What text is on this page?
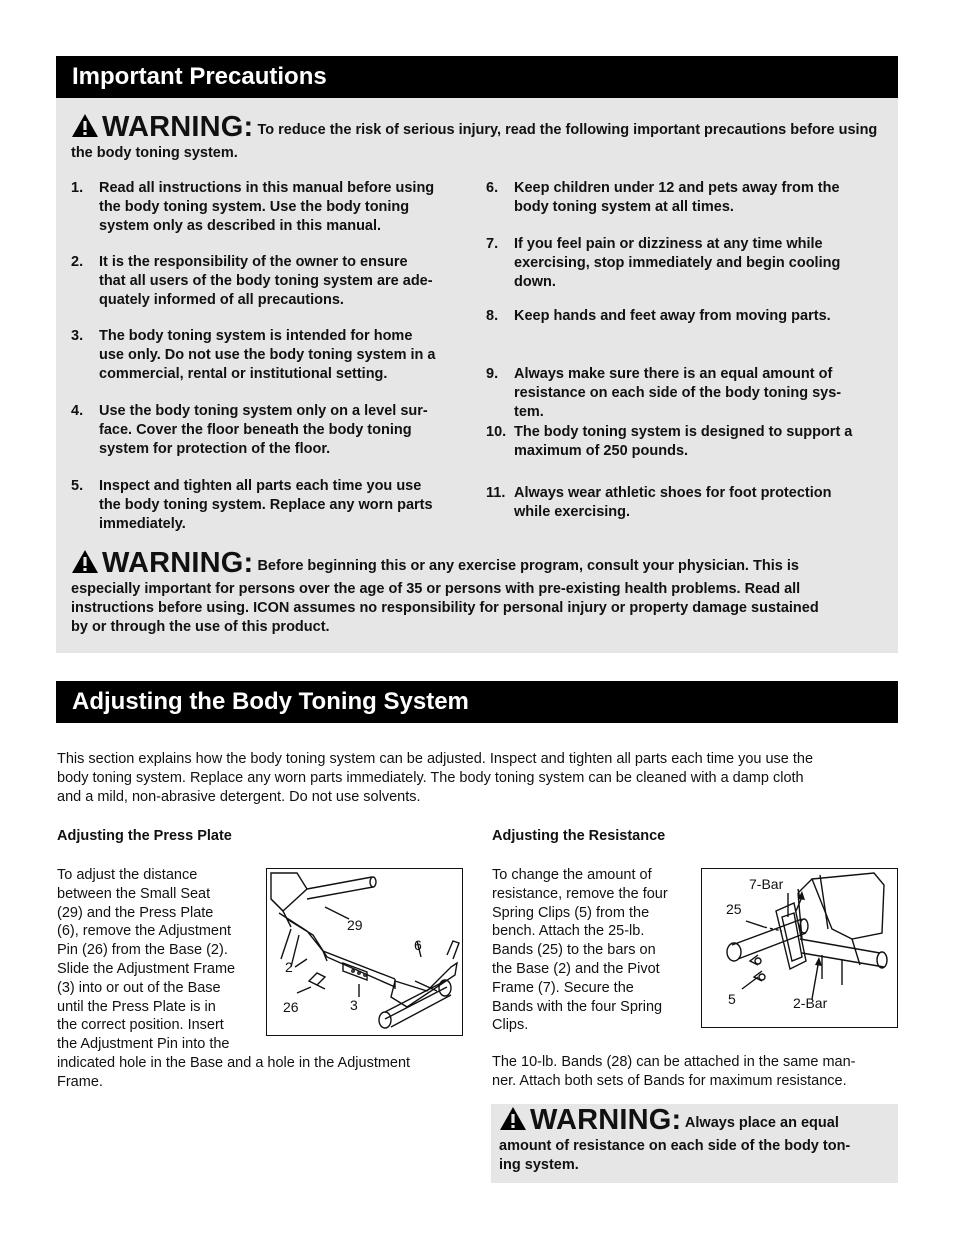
Important Precautions
WARNING: To reduce the risk of serious injury, read the following important precautions before using the body toning system.
1. Read all instructions in this manual before using
the body toning system. Use the body toning
system only as described in this manual.
2. It is the responsibility of the owner to ensure
that all users of the body toning system are ade-
quately informed of all precautions.
3. The body toning system is intended for home
use only. Do not use the body toning system in a
commercial, rental or institutional setting.
4. Use the body toning system only on a level sur-
face. Cover the floor beneath the body toning
system for protection of the floor.
5. Inspect and tighten all parts each time you use
the body toning system. Replace any worn parts
immediately.
6. Keep children under 12 and pets away from the
body toning system at all times.
7. If you feel pain or dizziness at any time while
exercising, stop immediately and begin cooling
down.
8. Keep hands and feet away from moving parts.
9. Always make sure there is an equal amount of
resistance on each side of the body toning sys-
tem.
10. The body toning system is designed to support a
maximum of 250 pounds.
11. Always wear athletic shoes for foot protection
while exercising.
WARNING: Before beginning this or any exercise program, consult your physician. This is
especially important for persons over the age of 35 or persons with pre-existing health problems. Read all
instructions before using. ICON assumes no responsibility for personal injury or property damage sustained
by or through the use of this product.
Adjusting the Body Toning System
This section explains how the body toning system can be adjusted. Inspect and tighten all parts each time you use the
body toning system. Replace any worn parts immediately. The body toning system can be cleaned with a damp cloth
and a mild, non-abrasive detergent. Do not use solvents.
Adjusting the Press Plate
To adjust the distance
between the Small Seat
(29) and the Press Plate
(6), remove the Adjustment
Pin (26) from the Base (2).
Slide the Adjustment Frame
(3) into or out of the Base
until the Press Plate is in
the correct position. Insert
the Adjustment Pin into the
indicated hole in the Base and a hole in the Adjustment
Frame.
29
6
2
26	3
Adjusting the Resistance
To change the amount of
resistance, remove the four
Spring Clips (5) from the
bench. Attach the 25-lb.
Bands (25) to the bars on
the Base (2) and the Pivot
Frame (7). Secure the
Bands with the four Spring
Clips.
7-Bar
25
5	2-Bar
The 10-lb. Bands (28) can be attached in the same man-
ner. Attach both sets of Bands for maximum resistance.
WARNING: Always place an equal
amount of resistance on each side of the body ton-
ing system.
